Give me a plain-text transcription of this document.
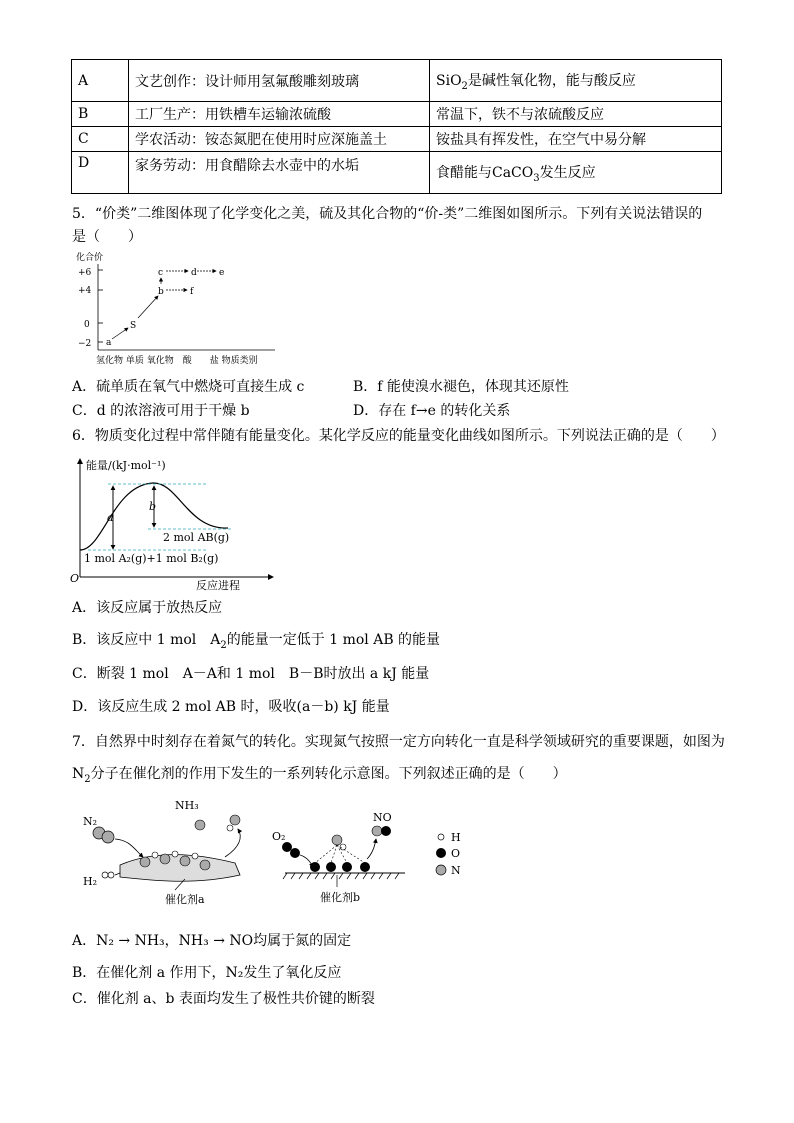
A	文艺创作：设计师用氢氟酸雕刻玻璃	SiO$_2$是碱性氧化物，能与酸反应
B	工厂生产：用铁槽车运输浓硫酸	常温下，铁不与浓硫酸反应
C	学农活动：铵态氮肥在使用时应深施盖土	铵盐具有挥发性，在空气中易分解
D	家务劳动：用食醋除去水壶中的水垢	食醋能与CaCO$_3$发生反应
5．“价类”二维图体现了化学变化之美，硫及其化合物的“价-类”二维图如图所示。下列有关说法错误的
是（　　）
化合价
+6
+4
0
−2
氢化物 单质 氧化物　酸　　盐 物质类别
a
S
b
c	d e
f
A．硫单质在氧气中燃烧可直接生成 c	B．f 能使溴水褪色，体现其还原性
C．d 的浓溶液可用于干燥 b	D．存在 f→e 的转化关系
6．物质变化过程中常伴随有能量变化。某化学反应的能量变化曲线如图所示。下列说法正确的是（　　）
能量/(kJ·mol⁻¹)
O
反应进程
a
b
2 mol AB(g)
1 mol A₂(g)+1 mol B₂(g)
A．该反应属于放热反应
B．该反应中 1 mol　$A_2$的能量一定低于 1 mol AB 的能量
C．断裂 1 mol　A－A和 1 mol　B－B时放出 a kJ 能量
D．该反应生成 2 mol AB 时，吸收(a－b) kJ 能量
7．自然界中时刻存在着氮气的转化。实现氮气按照一定方向转化一直是科学领域研究的重要课题，如图为
$N_2$分子在催化剂的作用下发生的一系列转化示意图。下列叙述正确的是（　　）
N₂
H₂
NH₃
催化剂a
O₂
NO
催化剂b
H
O
N
A．N₂ → NH₃，NH₃ → NO均属于氮的固定
B．在催化剂 a 作用下，N₂发生了氧化反应
C．催化剂 a、b 表面均发生了极性共价键的断裂
